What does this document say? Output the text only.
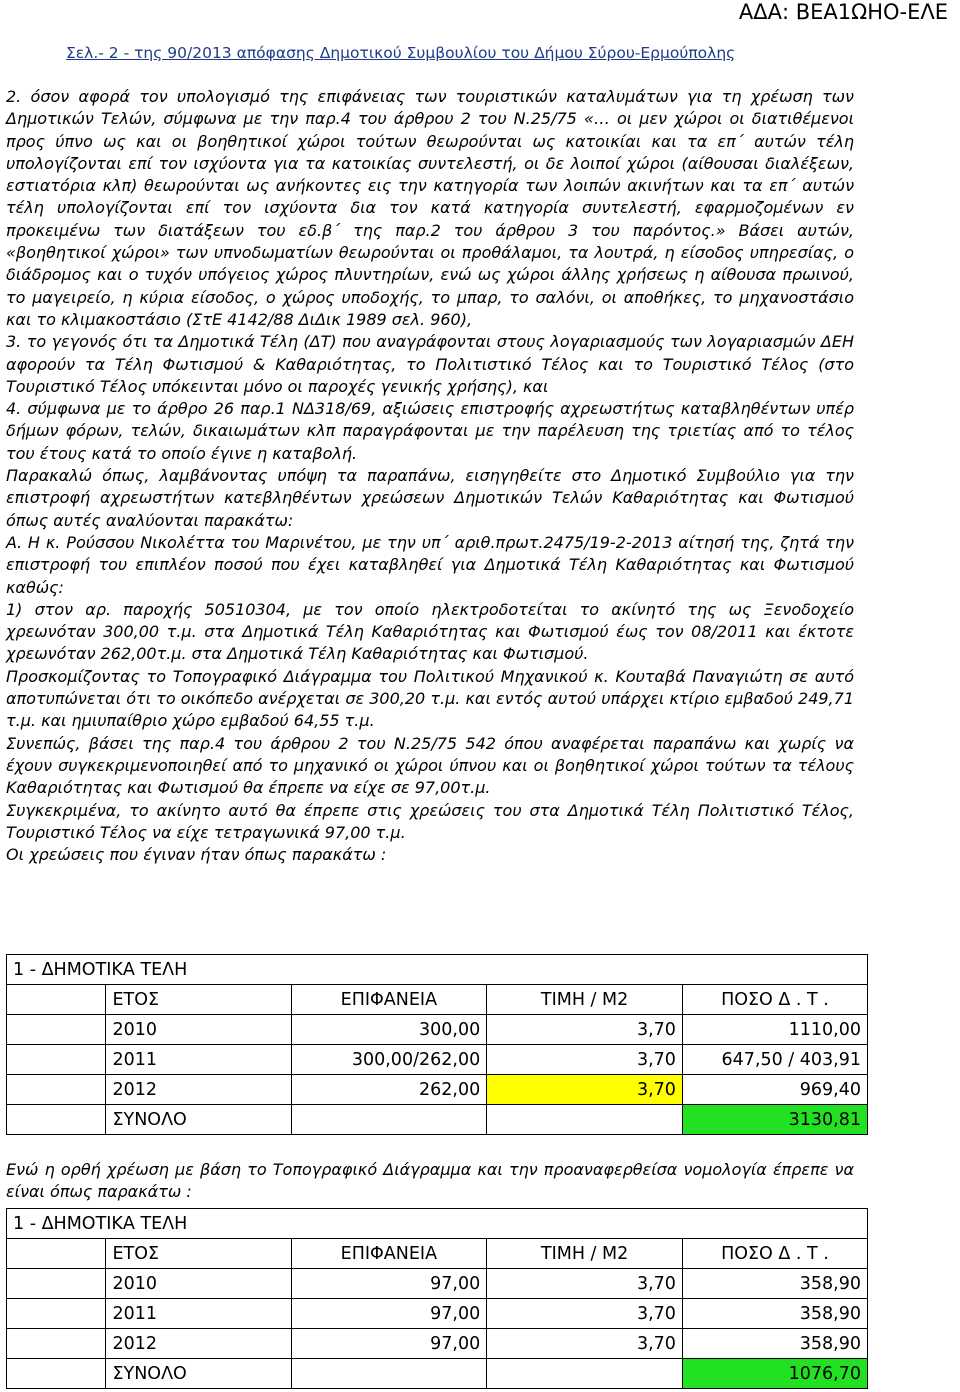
ΑΔΑ: ΒΕΑ1ΩΗΟ-ΕΛΕ
Σελ.- 2 - της 90/2013 απόφασης Δημοτικού Συμβουλίου του Δήμου Σύρου-Ερμούπολης

2. όσον αφορά τον υπολογισμό της επιφάνειας των τουριστικών καταλυμάτων για τη χρέωση των Δημοτικών Τελών, σύμφωνα με την παρ.4 του άρθρου 2 του Ν.25/75 «… οι μεν χώροι οι διατιθέμενοι προς ύπνο ως και οι βοηθητικοί χώροι τούτων θεωρούνται ως κατοικίαι και τα επ΄ αυτών τέλη υπολογίζονται επί τον ισχύοντα για τα κατοικίας συντελεστή, οι δε λοιποί χώροι (αίθουσαι διαλέξεων, εστιατόρια κλπ) θεωρούνται ως ανήκοντες εις την κατηγορία των λοιπών ακινήτων και τα επ΄ αυτών τέλη υπολογίζονται επί τον ισχύοντα δια τον κατά κατηγορία συντελεστή, εφαρμοζομένων εν προκειμένω των διατάξεων του εδ.β΄ της παρ.2 του άρθρου 3 του παρόντος.» Βάσει αυτών, «βοηθητικοί χώροι» των υπνοδωματίων θεωρούνται οι προθάλαμοι, τα λουτρά, η είσοδος υπηρεσίας, ο διάδρομος και ο τυχόν υπόγειος χώρος πλυντηρίων, ενώ ως χώροι άλλης χρήσεως η αίθουσα πρωινού, το μαγειρείο, η κύρια είσοδος, ο χώρος υποδοχής, το μπαρ, το σαλόνι, οι αποθήκες, το μηχανοστάσιο και το κλιμακοστάσιο (ΣτΕ 4142/88 ΔιΔικ 1989 σελ. 960),

3. το γεγονός ότι τα Δημοτικά Τέλη (ΔΤ) που αναγράφονται στους λογαριασμούς των λογαριασμών ΔΕΗ αφορούν τα Τέλη Φωτισμού & Καθαριότητας, το Πολιτιστικό Τέλος και το Τουριστικό Τέλος (στο Τουριστικό Τέλος υπόκεινται μόνο οι παροχές γενικής χρήσης), και

4. σύμφωνα με το άρθρο 26 παρ.1 ΝΔ318/69, αξιώσεις επιστροφής αχρεωστήτως καταβληθέντων υπέρ δήμων φόρων, τελών, δικαιωμάτων κλπ παραγράφονται με την παρέλευση της τριετίας από το τέλος του έτους κατά το οποίο έγινε η καταβολή.

Παρακαλώ όπως, λαμβάνοντας υπόψη τα παραπάνω, εισηγηθείτε στο Δημοτικό Συμβούλιο για την επιστροφή αχρεωστήτων κατεβληθέντων χρεώσεων Δημοτικών Τελών Καθαριότητας και Φωτισμού όπως αυτές αναλύονται παρακάτω:

Α. Η κ. Ρούσσου Νικολέττα του Μαρινέτου, με την υπ΄ αριθ.πρωτ.2475/19-2-2013 αίτησή της, ζητά την επιστροφή του επιπλέον ποσού που έχει καταβληθεί για Δημοτικά Τέλη Καθαριότητας και Φωτισμού καθώς:

1) στον αρ. παροχής 50510304, με τον οποίο ηλεκτροδοτείται το ακίνητό της ως Ξενοδοχείο χρεωνόταν 300,00 τ.μ. στα Δημοτικά Τέλη Καθαριότητας και Φωτισμού έως τον 08/2011 και έκτοτε χρεωνόταν 262,00τ.μ. στα Δημοτικά Τέλη Καθαριότητας και Φωτισμού.

Προσκομίζοντας το Τοπογραφικό Διάγραμμα του Πολιτικού Μηχανικού κ. Κουταβά Παναγιώτη σε αυτό αποτυπώνεται ότι το οικόπεδο ανέρχεται σε 300,20 τ.μ. και εντός αυτού υπάρχει κτίριο εμβαδού 249,71 τ.μ. και ημιυπαίθριο χώρο εμβαδού 64,55 τ.μ.

Συνεπώς, βάσει της παρ.4 του άρθρου 2 του Ν.25/75 542 όπου αναφέρεται παραπάνω και χωρίς να έχουν συγκεκριμενοποιηθεί από το μηχανικό οι χώροι ύπνου και οι βοηθητικοί χώροι τούτων τα τέλους Καθαριότητας και Φωτισμού θα έπρεπε να είχε σε 97,00τ.μ.

Συγκεκριμένα, το ακίνητο αυτό θα έπρεπε στις χρεώσεις του στα Δημοτικά Τέλη Πολιτιστικό Τέλος, Τουριστικό Τέλος να είχε τετραγωνικά 97,00 τ.μ.

Οι χρεώσεις που έγιναν ήταν όπως παρακάτω :

1 - ΔΗΜΟΤΙΚΑ ΤΕΛΗ				
	ΕΤΟΣ	ΕΠΙΦΑΝΕΙΑ	ΤΙΜΗ / Μ2	ΠΟΣΟ Δ . Τ .
	2010	300,00	3,70	1110,00
	2011	300,00/262,00	3,70	647,50 / 403,91
	2012	262,00	3,70	969,40
	ΣΥΝΟΛΟ			3130,81
Ενώ η ορθή χρέωση με βάση το Τοπογραφικό Διάγραμμα και την προαναφερθείσα νομολογία έπρεπε να είναι όπως παρακάτω :
1 - ΔΗΜΟΤΙΚΑ ΤΕΛΗ				
	ΕΤΟΣ	ΕΠΙΦΑΝΕΙΑ	ΤΙΜΗ / Μ2	ΠΟΣΟ Δ . Τ .
	2010	97,00	3,70	358,90
	2011	97,00	3,70	358,90
	2012	97,00	3,70	358,90
	ΣΥΝΟΛΟ			1076,70
